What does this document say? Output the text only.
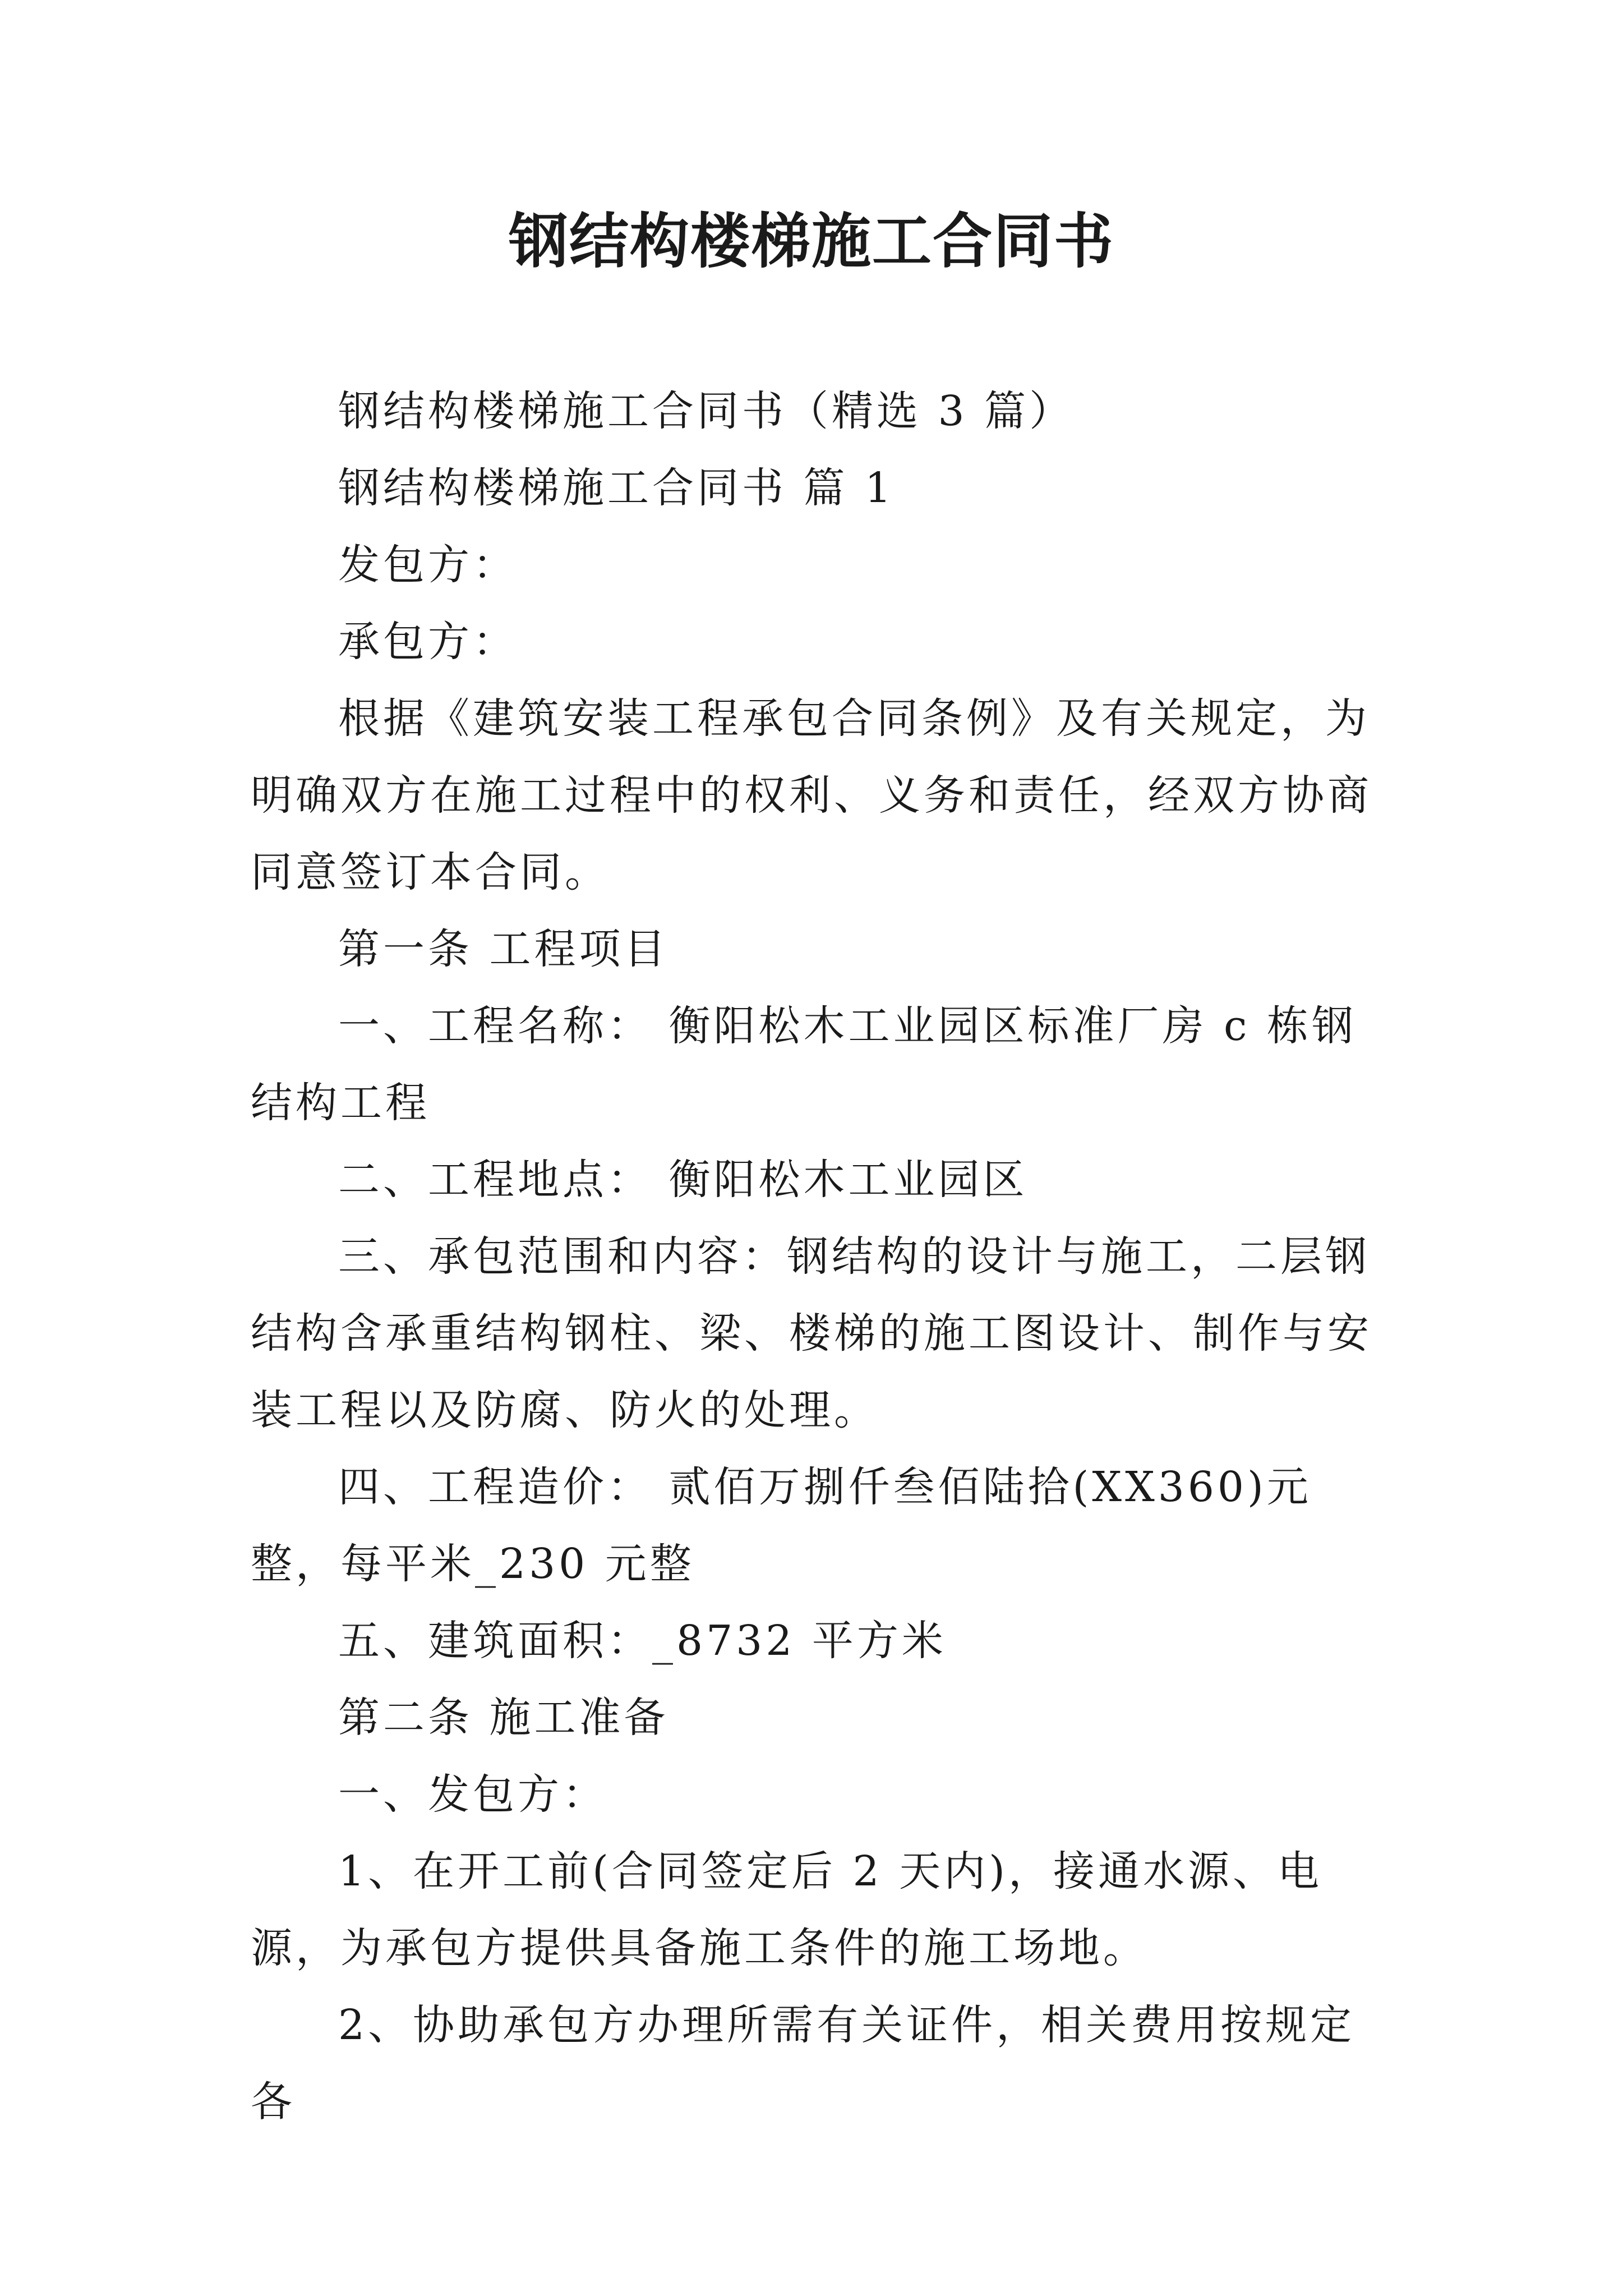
钢结构楼梯施工合同书

钢结构楼梯施工合同书（精选 3 篇）

钢结构楼梯施工合同书 篇 1

发包方：

承包方：

根据《建筑安装工程承包合同条例》及有关规定，为明确双方在施工过程中的权利、义务和责任，经双方协商同意签订本合同。

第一条 工程项目

一、工程名称： 衡阳松木工业园区标准厂房 c 栋钢结构工程

二、工程地点： 衡阳松木工业园区

三、承包范围和内容：钢结构的设计与施工，二层钢结构含承重结构钢柱、梁、楼梯的施工图设计、制作与安装工程以及防腐、防火的处理。

四、工程造价： 贰佰万捌仟叁佰陆拾(XX360)元整，每平米_230 元整

五、建筑面积：_8732 平方米

第二条 施工准备

一、发包方：

1、在开工前(合同签定后 2 天内)，接通水源、电源，为承包方提供具备施工条件的施工场地。

2、协助承包方办理所需有关证件，相关费用按规定各
